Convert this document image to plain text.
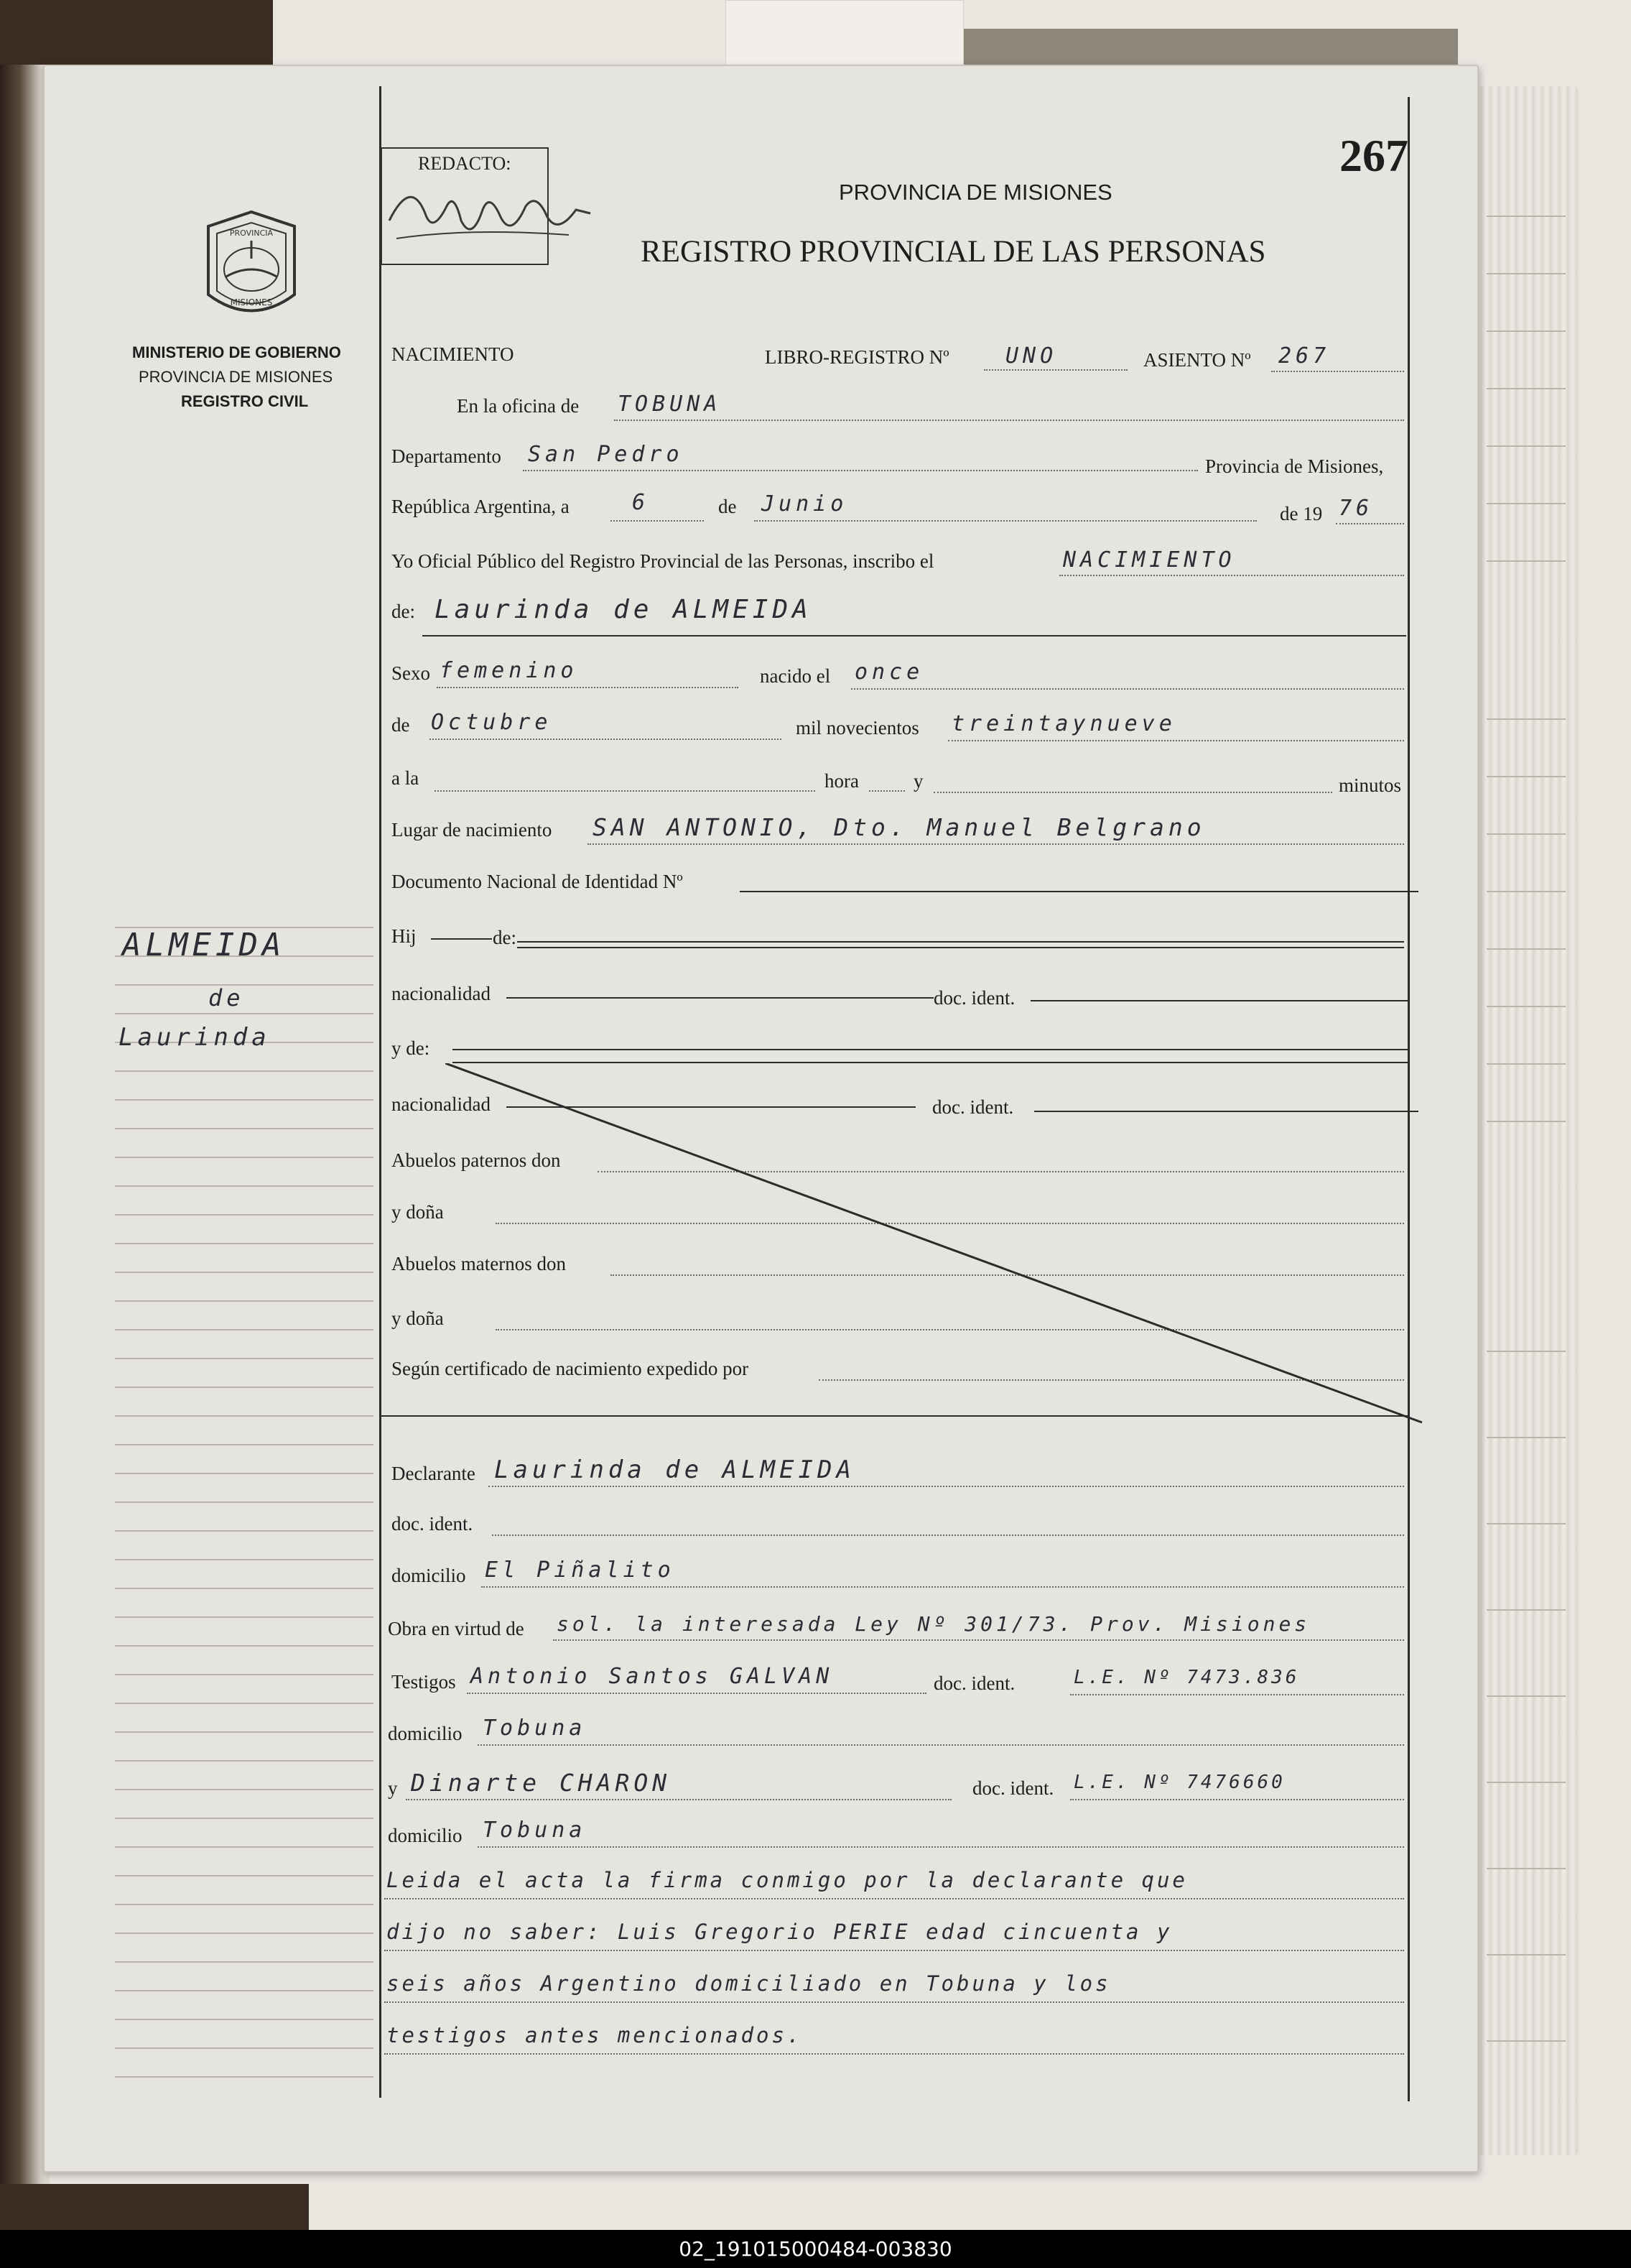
PROVINCIA
MISIONES
MINISTERIO DE GOBIERNO
PROVINCIA DE MISIONES
REGISTRO CIVIL
REDACTO:	267
PROVINCIA DE MISIONES
REGISTRO PROVINCIAL DE LAS PERSONAS
NACIMIENTO	LIBRO-REGISTRO Nº	UNO	ASIENTO Nº 267
En la oficina de TOBUNA
Departamento San Pedro	Provincia de Misiones,
República Argentina, a	6	de Junio	de 19 76
Yo Oficial Público del Registro Provincial de las Personas, inscribo el	NACIMIENTO
de: Laurinda de ALMEIDA
Sexo femenino	nacido el once
de Octubre	mil novecientos treintaynueve
a la	hora	y	minutos
Lugar de nacimiento SAN ANTONIO, Dto. Manuel Belgrano
Documento Nacional de Identidad Nº
Hij	de:
nacionalidad	doc. ident.
y de:
nacionalidad	doc. ident.
Abuelos paternos don
y doña
Abuelos maternos don
y doña
Según certificado de nacimiento expedido por
Declarante Laurinda de ALMEIDA
doc. ident.
domicilio El Piñalito
Obra en virtud de sol. la interesada Ley Nº 301/73. Prov. Misiones
Testigos Antonio Santos GALVAN	doc. ident.	L.E. Nº 7473.836
domicilio Tobuna
y Dinarte CHARON	doc. ident. L.E. Nº 7476660
domicilio Tobuna
Leida el acta la firma conmigo por la declarante que
dijo no saber: Luis Gregorio PERIE edad cincuenta y
seis años Argentino domiciliado en Tobuna y los
testigos antes mencionados.
ALMEIDA
de
Laurinda
02_191015000484-003830
